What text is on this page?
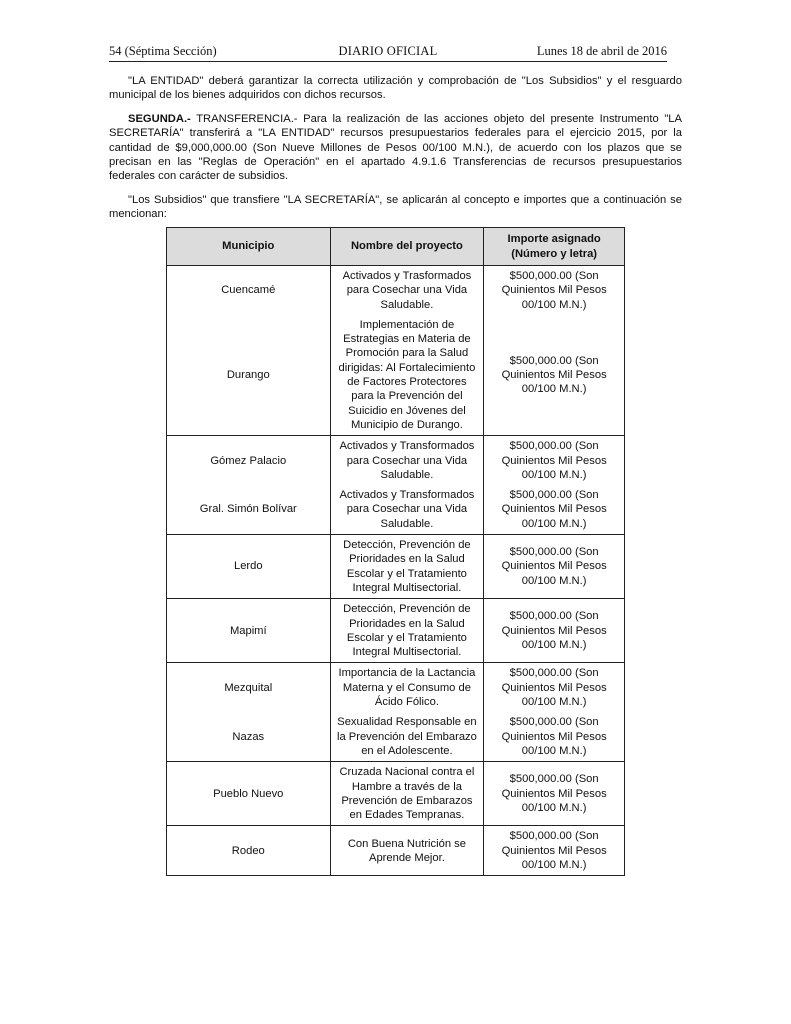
54 (Séptima Sección)	DIARIO OFICIAL	Lunes 18 de abril de 2016

"LA ENTIDAD" deberá garantizar la correcta utilización y comprobación de "Los Subsidios" y el resguardo municipal de los bienes adquiridos con dichos recursos.

SEGUNDA.- TRANSFERENCIA.- Para la realización de las acciones objeto del presente Instrumento "LA SECRETARÍA" transferirá a "LA ENTIDAD" recursos presupuestarios federales para el ejercicio 2015, por la cantidad de $9,000,000.00 (Son Nueve Millones de Pesos 00/100 M.N.), de acuerdo con los plazos que se precisan en las "Reglas de Operación" en el apartado 4.9.1.6 Transferencias de recursos presupuestarios federales con carácter de subsidios.

"Los Subsidios" que transfiere "LA SECRETARÍA", se aplicarán al concepto e importes que a continuación se mencionan:

Municipio	Nombre del proyecto	Importe asignado (Número y letra)
Cuencamé	Activados y Trasformados para Cosechar una Vida Saludable.	$500,000.00 (Son Quinientos Mil Pesos 00/100 M.N.)
Durango	Implementación de Estrategias en Materia de Promoción para la Salud dirigidas: Al Fortalecimiento de Factores Protectores para la Prevención del Suicidio en Jóvenes del Municipio de Durango.	$500,000.00 (Son Quinientos Mil Pesos 00/100 M.N.)
Gómez Palacio	Activados y Transformados para Cosechar una Vida Saludable.	$500,000.00 (Son Quinientos Mil Pesos 00/100 M.N.)
Gral. Simón Bolívar	Activados y Transformados para Cosechar una Vida Saludable.	$500,000.00 (Son Quinientos Mil Pesos 00/100 M.N.)
Lerdo	Detección, Prevención de Prioridades en la Salud Escolar y el Tratamiento Integral Multisectorial.	$500,000.00 (Son Quinientos Mil Pesos 00/100 M.N.)
Mapimí	Detección, Prevención de Prioridades en la Salud Escolar y el Tratamiento Integral Multisectorial.	$500,000.00 (Son Quinientos Mil Pesos 00/100 M.N.)
Mezquital	Importancia de la Lactancia Materna y el Consumo de Ácido Fólico.	$500,000.00 (Son Quinientos Mil Pesos 00/100 M.N.)
Nazas	Sexualidad Responsable en la Prevención del Embarazo en el Adolescente.	$500,000.00 (Son Quinientos Mil Pesos 00/100 M.N.)
Pueblo Nuevo	Cruzada Nacional contra el Hambre a través de la Prevención de Embarazos en Edades Tempranas.	$500,000.00 (Son Quinientos Mil Pesos 00/100 M.N.)
Rodeo	Con Buena Nutrición se Aprende Mejor.	$500,000.00 (Son Quinientos Mil Pesos 00/100 M.N.)
